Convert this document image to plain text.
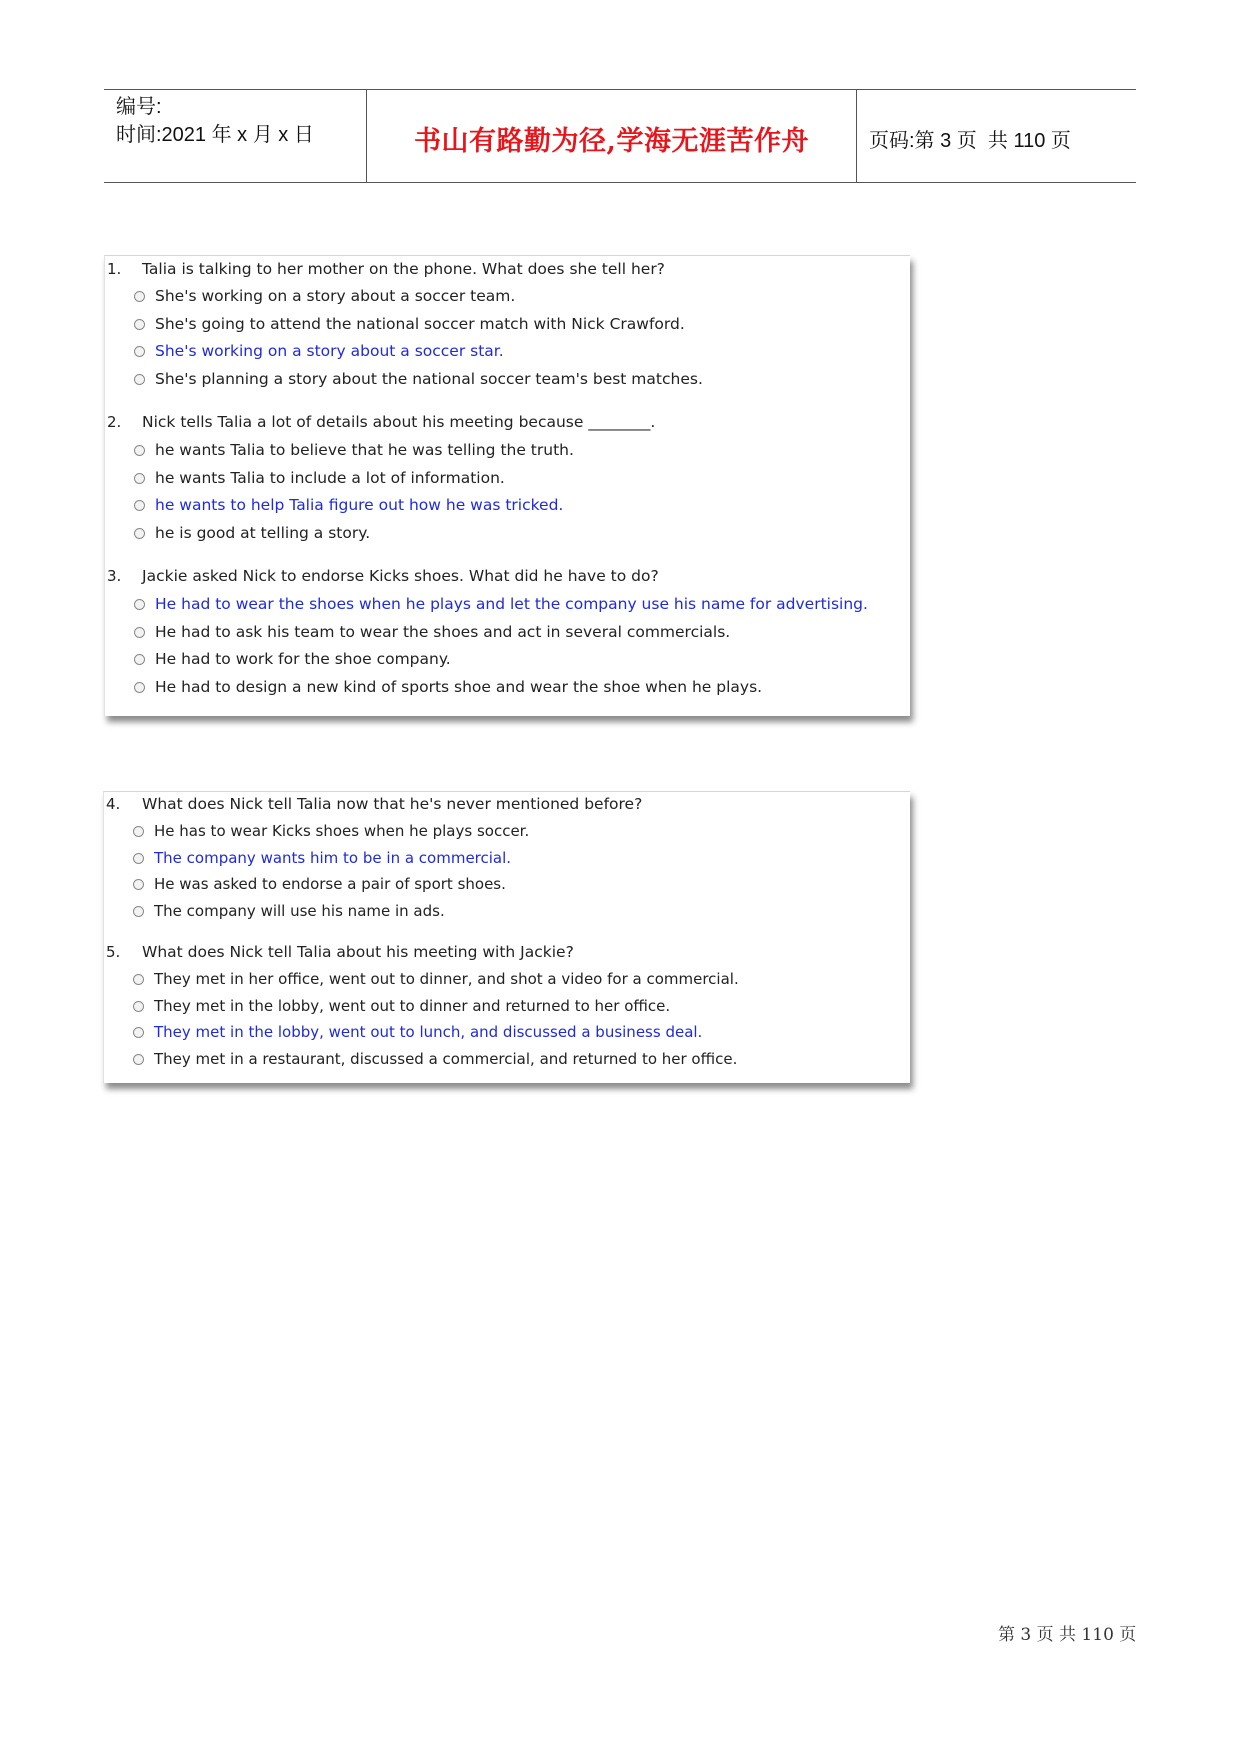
编号:
时间:2021 年 x 月 x 日	书山有路勤为径,学海无涯苦作舟	页码:第 3 页  共 110 页
1. Talia is talking to her mother on the phone. What does she tell her?
She's working on a story about a soccer team.
She's going to attend the national soccer match with Nick Crawford.
She's working on a story about a soccer star.
She's planning a story about the national soccer team's best matches.
2. Nick tells Talia a lot of details about his meeting because ________.
he wants Talia to believe that he was telling the truth.
he wants Talia to include a lot of information.
he wants to help Talia figure out how he was tricked.
he is good at telling a story.
3. Jackie asked Nick to endorse Kicks shoes. What did he have to do?
He had to wear the shoes when he plays and let the company use his name for advertising.
He had to ask his team to wear the shoes and act in several commercials.
He had to work for the shoe company.
He had to design a new kind of sports shoe and wear the shoe when he plays.
4. What does Nick tell Talia now that he's never mentioned before?
He has to wear Kicks shoes when he plays soccer.
The company wants him to be in a commercial.
He was asked to endorse a pair of sport shoes.
The company will use his name in ads.
5. What does Nick tell Talia about his meeting with Jackie?
They met in her office, went out to dinner, and shot a video for a commercial.
They met in the lobby, went out to dinner and returned to her office.
They met in the lobby, went out to lunch, and discussed a business deal.
They met in a restaurant, discussed a commercial, and returned to her office.
第 3 页 共 110 页
